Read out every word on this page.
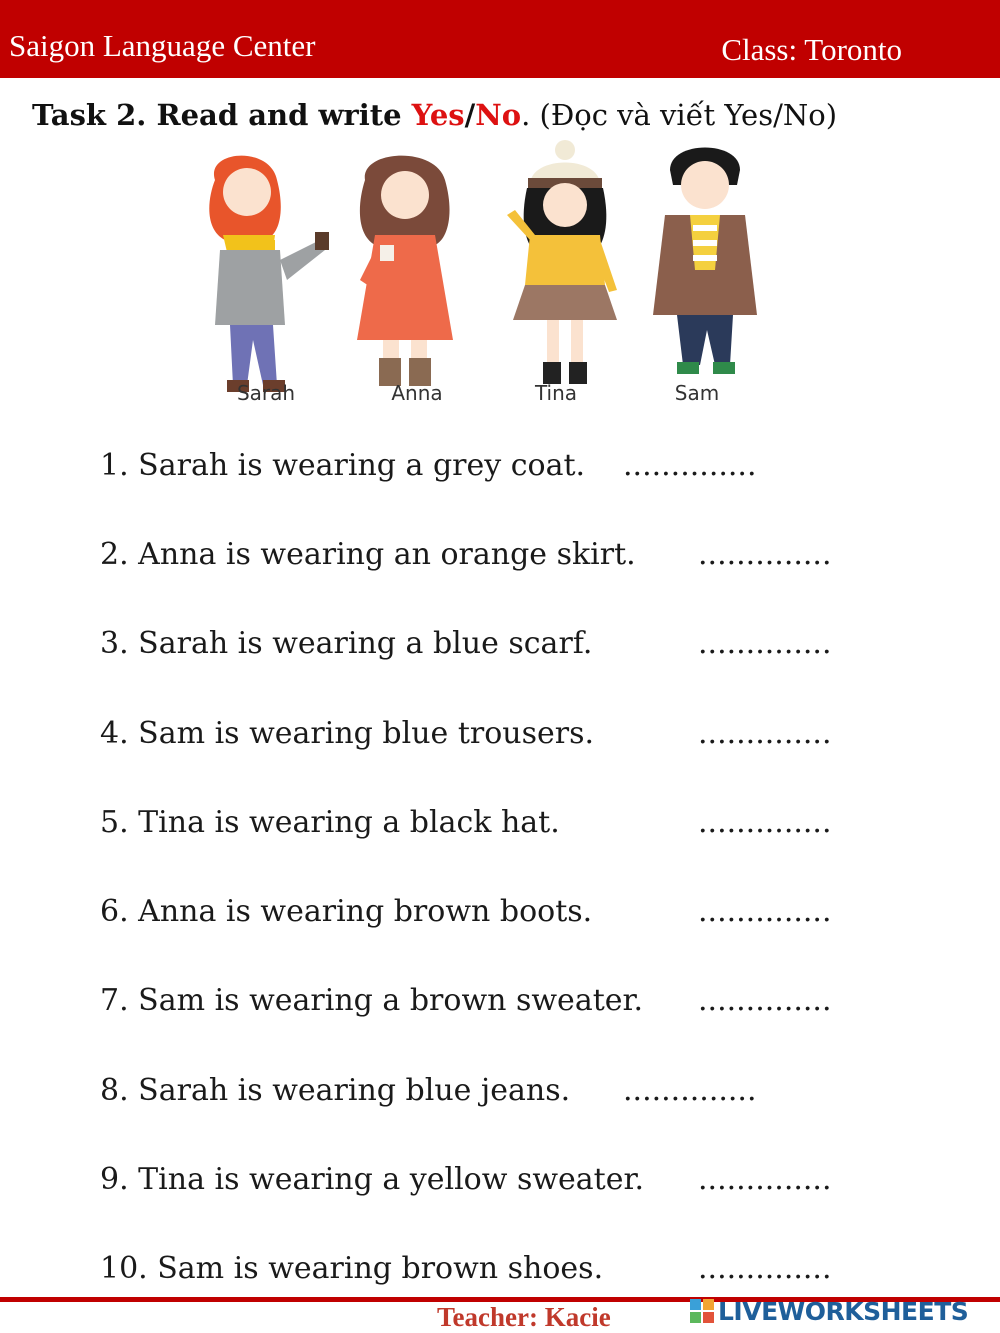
Saigon Language Center	Class: Toronto
Task 2. Read and write Yes/No. (Đọc và viết Yes/No)
Sarah	Anna	Tina	Sam
1. Sarah is wearing a grey coat. ..............
2. Anna is wearing an orange skirt. ..............
3. Sarah is wearing a blue scarf.	..............
4. Sam is wearing blue trousers.	..............
5. Tina is wearing a black hat.	..............
6. Anna is wearing brown boots.	..............
7. Sam is wearing a brown sweater. ..............
8. Sarah is wearing blue jeans. ..............
9. Tina is wearing a yellow sweater. ..............
10. Sam is wearing brown shoes.	..............
Teacher: Kacie	LIVEWORKSHEETS
